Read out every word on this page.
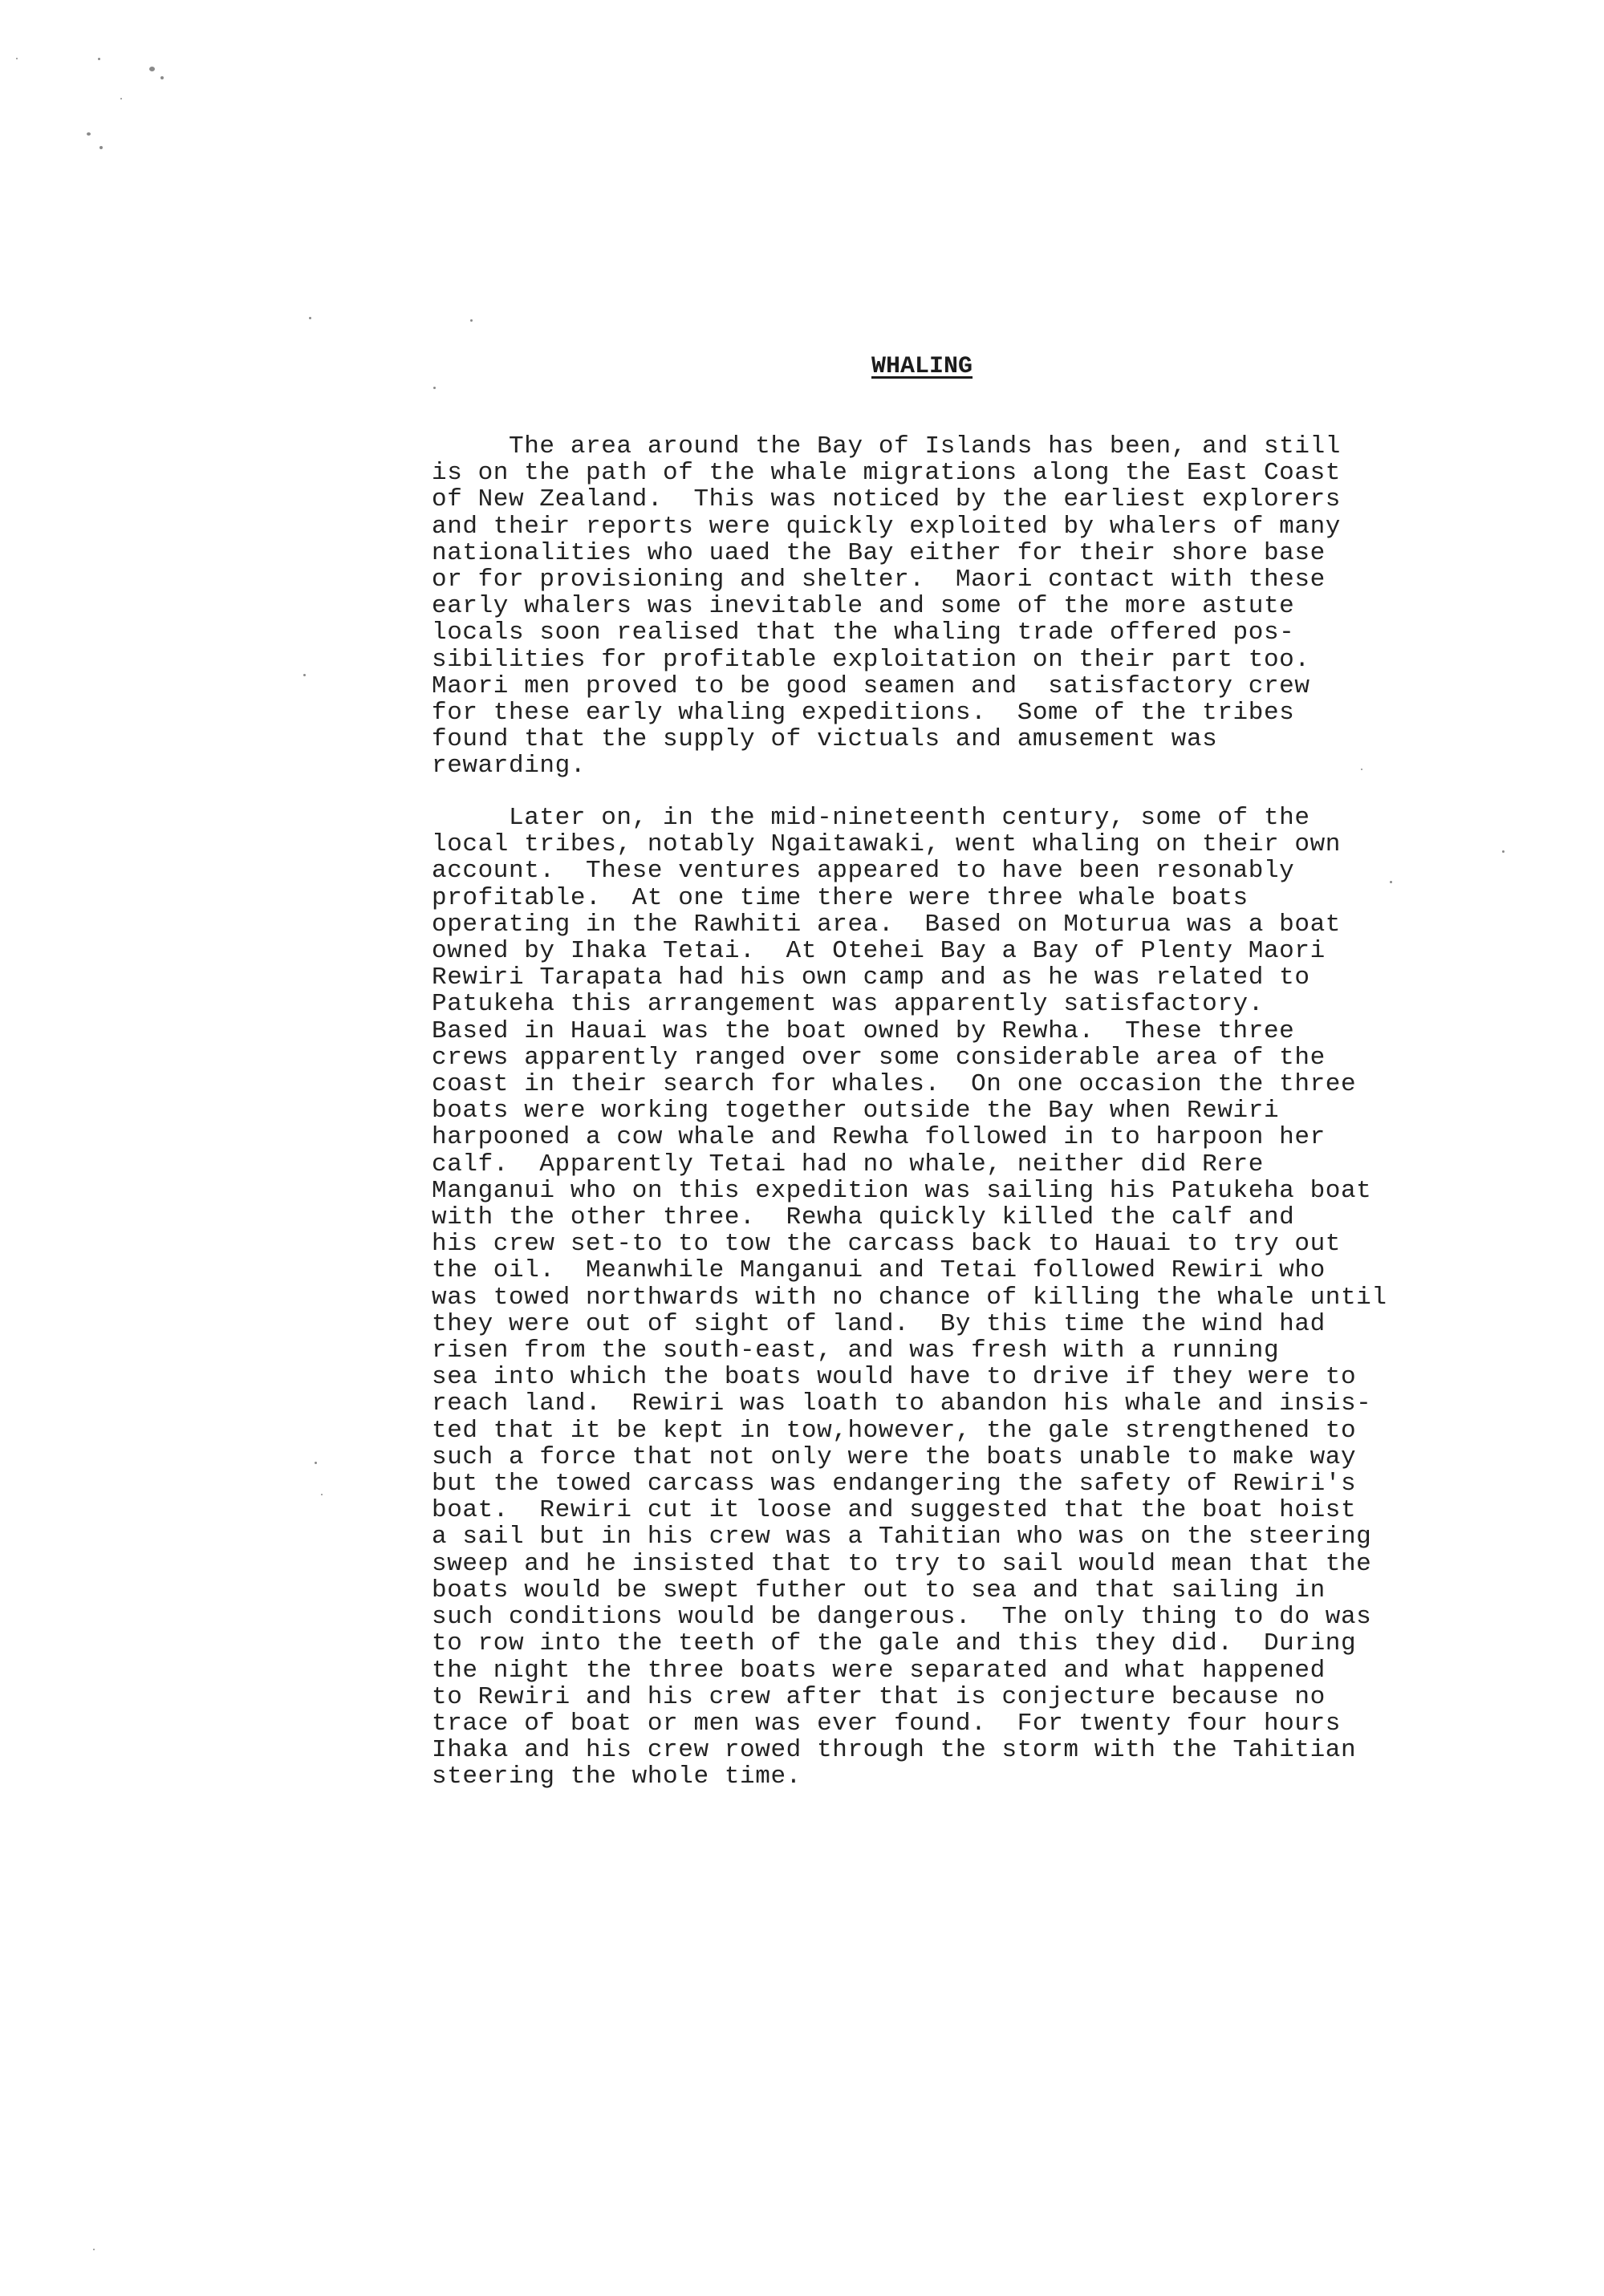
WHALING

The area around the Bay of Islands has been, and still
is on the path of the whale migrations along the East Coast
of New Zealand.  This was noticed by the earliest explorers
and their reports were quickly exploited by whalers of many
nationalities who uaed the Bay either for their shore base
or for provisioning and shelter.  Maori contact with these
early whalers was inevitable and some of the more astute
locals soon realised that the whaling trade offered pos-
sibilities for profitable exploitation on their part too.
Maori men proved to be good seamen and  satisfactory crew
for these early whaling expeditions.  Some of the tribes
found that the supply of victuals and amusement was
rewarding.

Later on, in the mid-nineteenth century, some of the
local tribes, notably Ngaitawaki, went whaling on their own
account.  These ventures appeared to have been resonably
profitable.  At one time there were three whale boats
operating in the Rawhiti area.  Based on Moturua was a boat
owned by Ihaka Tetai.  At Otehei Bay a Bay of Plenty Maori
Rewiri Tarapata had his own camp and as he was related to
Patukeha this arrangement was apparently satisfactory.
Based in Hauai was the boat owned by Rewha.  These three
crews apparently ranged over some considerable area of the
coast in their search for whales.  On one occasion the three
boats were working together outside the Bay when Rewiri
harpooned a cow whale and Rewha followed in to harpoon her
calf.  Apparently Tetai had no whale, neither did Rere
Manganui who on this expedition was sailing his Patukeha boat
with the other three.  Rewha quickly killed the calf and
his crew set-to to tow the carcass back to Hauai to try out
the oil.  Meanwhile Manganui and Tetai followed Rewiri who
was towed northwards with no chance of killing the whale until
they were out of sight of land.  By this time the wind had
risen from the south-east, and was fresh with a running
sea into which the boats would have to drive if they were to
reach land.  Rewiri was loath to abandon his whale and insis-
ted that it be kept in tow,however, the gale strengthened to
such a force that not only were the boats unable to make way
but the towed carcass was endangering the safety of Rewiri's
boat.  Rewiri cut it loose and suggested that the boat hoist
a sail but in his crew was a Tahitian who was on the steering
sweep and he insisted that to try to sail would mean that the
boats would be swept futher out to sea and that sailing in
such conditions would be dangerous.  The only thing to do was
to row into the teeth of the gale and this they did.  During
the night the three boats were separated and what happened
to Rewiri and his crew after that is conjecture because no
trace of boat or men was ever found.  For twenty four hours
Ihaka and his crew rowed through the storm with the Tahitian
steering the whole time.
